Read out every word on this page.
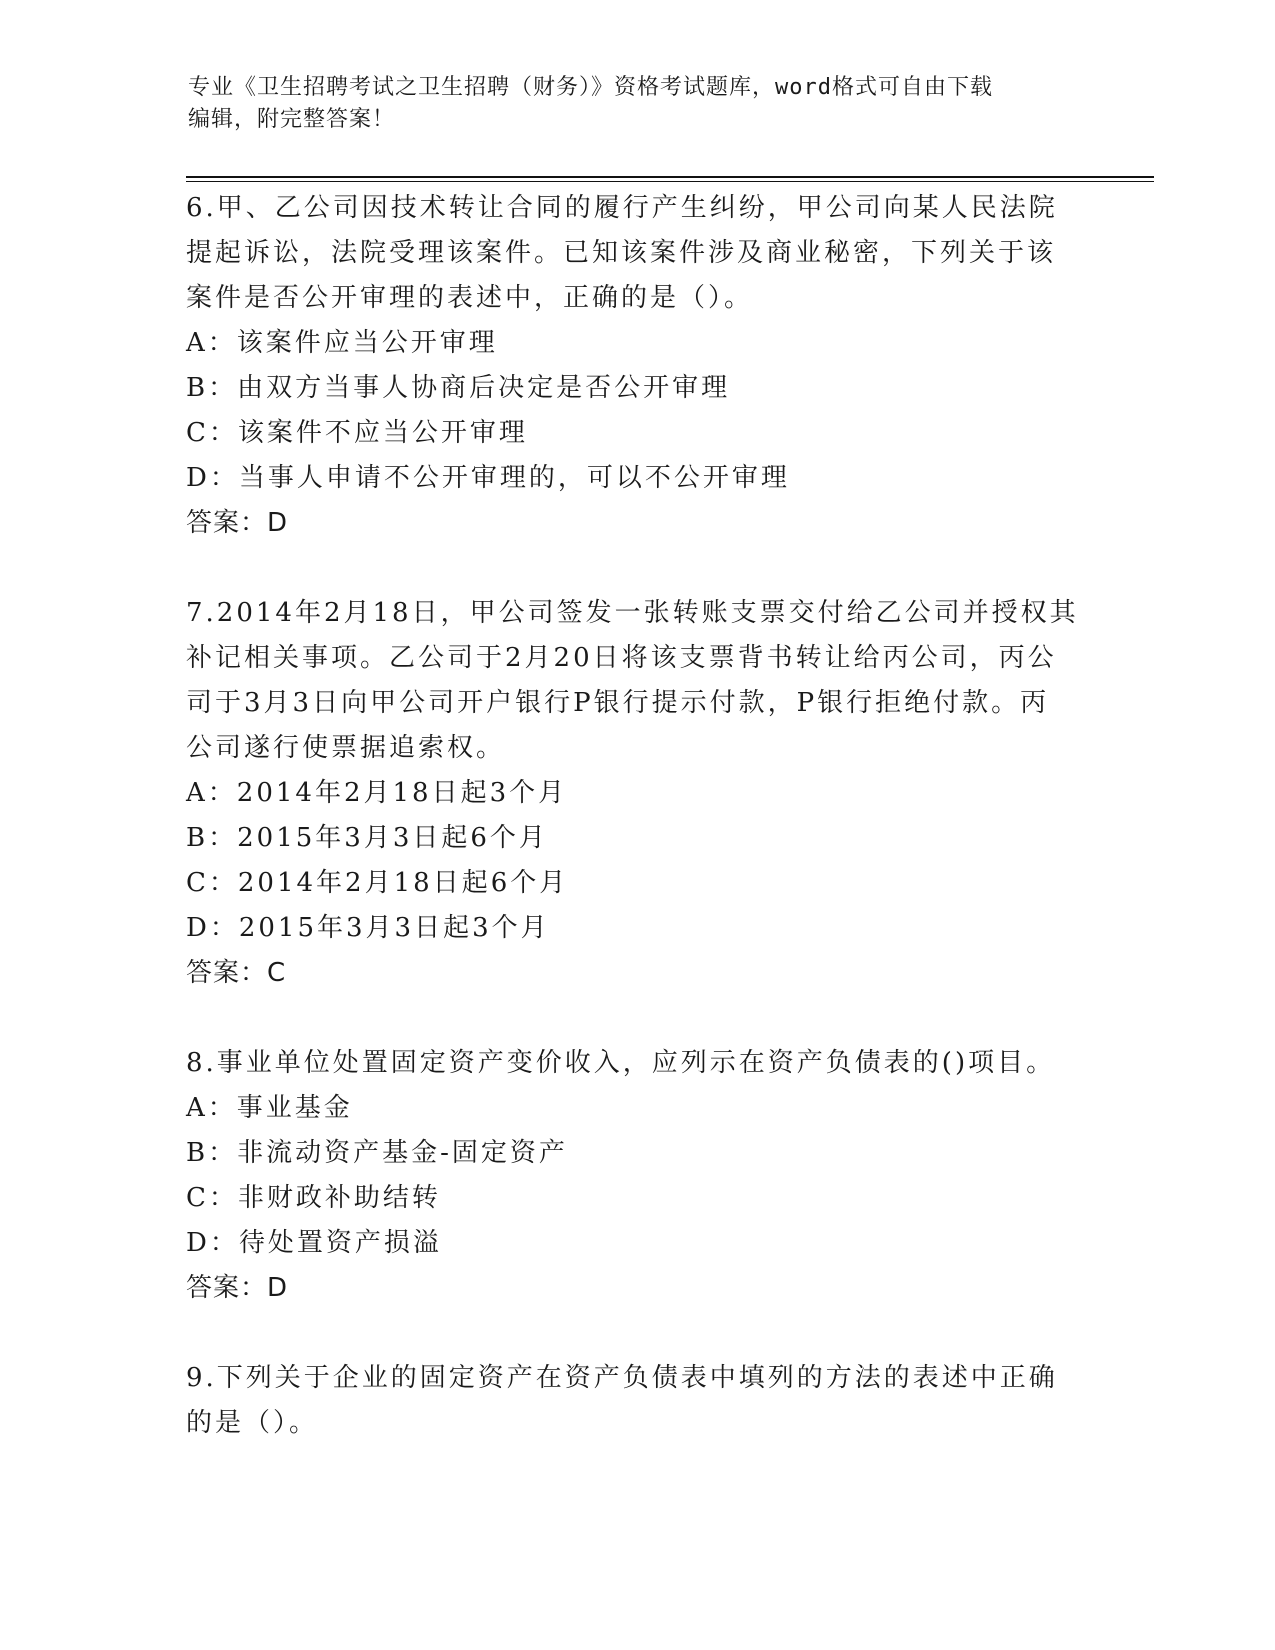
专业《卫生招聘考试之卫生招聘（财务）》资格考试题库，word格式可自由下载
编辑，附完整答案！
6.甲、乙公司因技术转让合同的履行产生纠纷，甲公司向某人民法院
提起诉讼，法院受理该案件。已知该案件涉及商业秘密，下列关于该
案件是否公开审理的表述中，正确的是（）。
A：该案件应当公开审理
B：由双方当事人协商后决定是否公开审理
C：该案件不应当公开审理
D：当事人申请不公开审理的，可以不公开审理
答案：D
7.2014年2月18日，甲公司签发一张转账支票交付给乙公司并授权其
补记相关事项。乙公司于2月20日将该支票背书转让给丙公司，丙公
司于3月3日向甲公司开户银行P银行提示付款，P银行拒绝付款。丙
公司遂行使票据追索权。
A：2014年2月18日起3个月
B：2015年3月3日起6个月
C：2014年2月18日起6个月
D：2015年3月3日起3个月
答案：C
8.事业单位处置固定资产变价收入，应列示在资产负债表的()项目。
A：事业基金
B：非流动资产基金-固定资产
C：非财政补助结转
D：待处置资产损溢
答案：D
9.下列关于企业的固定资产在资产负债表中填列的方法的表述中正确
的是（）。
